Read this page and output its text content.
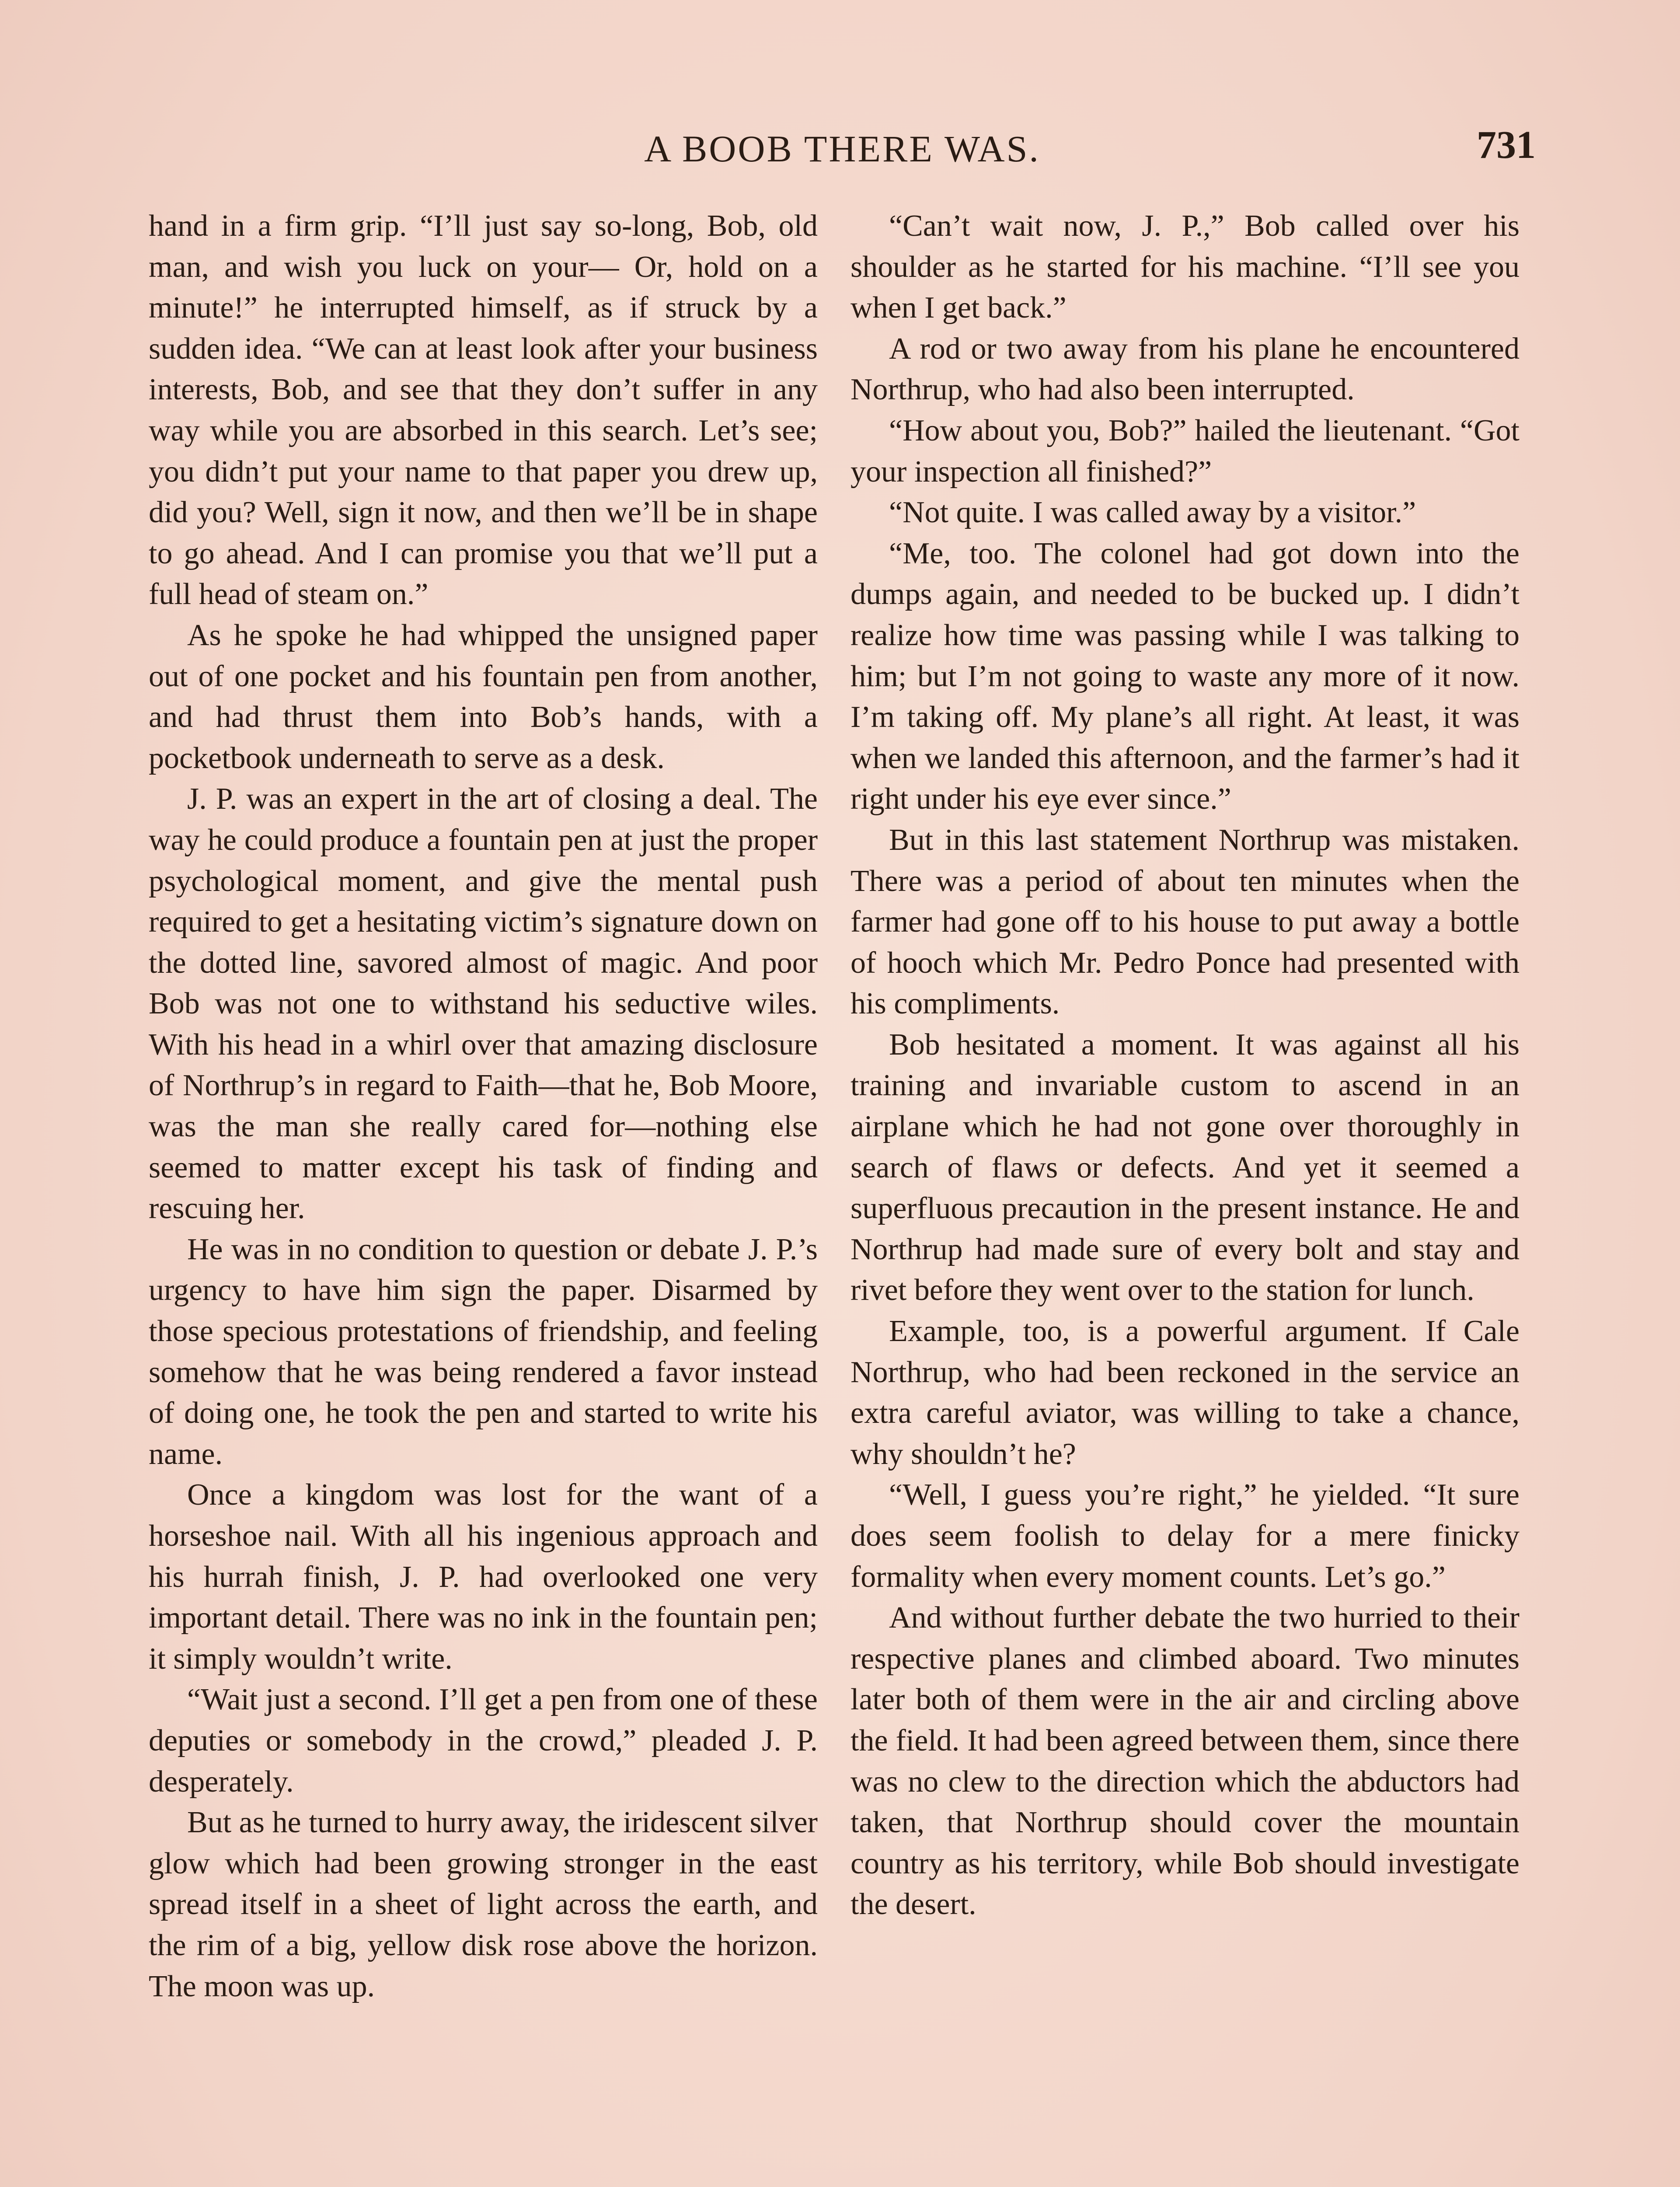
A BOOB THERE WAS.	731

hand in a firm grip. “I’ll just say so-long, Bob, old man, and wish you luck on your— Or, hold on a minute!” he interrupted himself, as if struck by a sudden idea. “We can at least look after your business interests, Bob, and see that they don’t suffer in any way while you are absorbed in this search. Let’s see; you didn’t put your name to that paper you drew up, did you? Well, sign it now, and then we’ll be in shape to go ahead. And I can promise you that we’ll put a full head of steam on.”

As he spoke he had whipped the unsigned paper out of one pocket and his fountain pen from another, and had thrust them into Bob’s hands, with a pocketbook underneath to serve as a desk.

J. P. was an expert in the art of closing a deal. The way he could produce a fountain pen at just the proper psychological moment, and give the mental push required to get a hesitating victim’s signature down on the dotted line, savored almost of magic. And poor Bob was not one to withstand his seductive wiles. With his head in a whirl over that amazing disclosure of Northrup’s in regard to Faith—that he, Bob Moore, was the man she really cared for—nothing else seemed to matter except his task of finding and rescuing her.

He was in no condition to question or debate J. P.’s urgency to have him sign the paper. Disarmed by those specious protestations of friendship, and feeling somehow that he was being rendered a favor instead of doing one, he took the pen and started to write his name.

Once a kingdom was lost for the want of a horseshoe nail. With all his ingenious approach and his hurrah finish, J. P. had overlooked one very important detail. There was no ink in the fountain pen; it simply wouldn’t write.

“Wait just a second. I’ll get a pen from one of these deputies or somebody in the crowd,” pleaded J. P. desperately.

But as he turned to hurry away, the iridescent silver glow which had been growing stronger in the east spread itself in a sheet of light across the earth, and the rim of a big, yellow disk rose above the horizon. The moon was up.

“Can’t wait now, J. P.,” Bob called over his shoulder as he started for his machine. “I’ll see you when I get back.”

A rod or two away from his plane he encountered Northrup, who had also been interrupted.

“How about you, Bob?” hailed the lieutenant. “Got your inspection all finished?”

“Not quite. I was called away by a visitor.”

“Me, too. The colonel had got down into the dumps again, and needed to be bucked up. I didn’t realize how time was passing while I was talking to him; but I’m not going to waste any more of it now. I’m taking off. My plane’s all right. At least, it was when we landed this afternoon, and the farmer’s had it right under his eye ever since.”

But in this last statement Northrup was mistaken. There was a period of about ten minutes when the farmer had gone off to his house to put away a bottle of hooch which Mr. Pedro Ponce had presented with his compliments.

Bob hesitated a moment. It was against all his training and invariable custom to ascend in an airplane which he had not gone over thoroughly in search of flaws or defects. And yet it seemed a superfluous precaution in the present instance. He and Northrup had made sure of every bolt and stay and rivet before they went over to the station for lunch.

Example, too, is a powerful argument. If Cale Northrup, who had been reckoned in the service an extra careful aviator, was willing to take a chance, why shouldn’t he?

“Well, I guess you’re right,” he yielded. “It sure does seem foolish to delay for a mere finicky formality when every moment counts. Let’s go.”

And without further debate the two hurried to their respective planes and climbed aboard. Two minutes later both of them were in the air and circling above the field. It had been agreed between them, since there was no clew to the direction which the abductors had taken, that Northrup should cover the mountain country as his territory, while Bob should investigate the desert.
